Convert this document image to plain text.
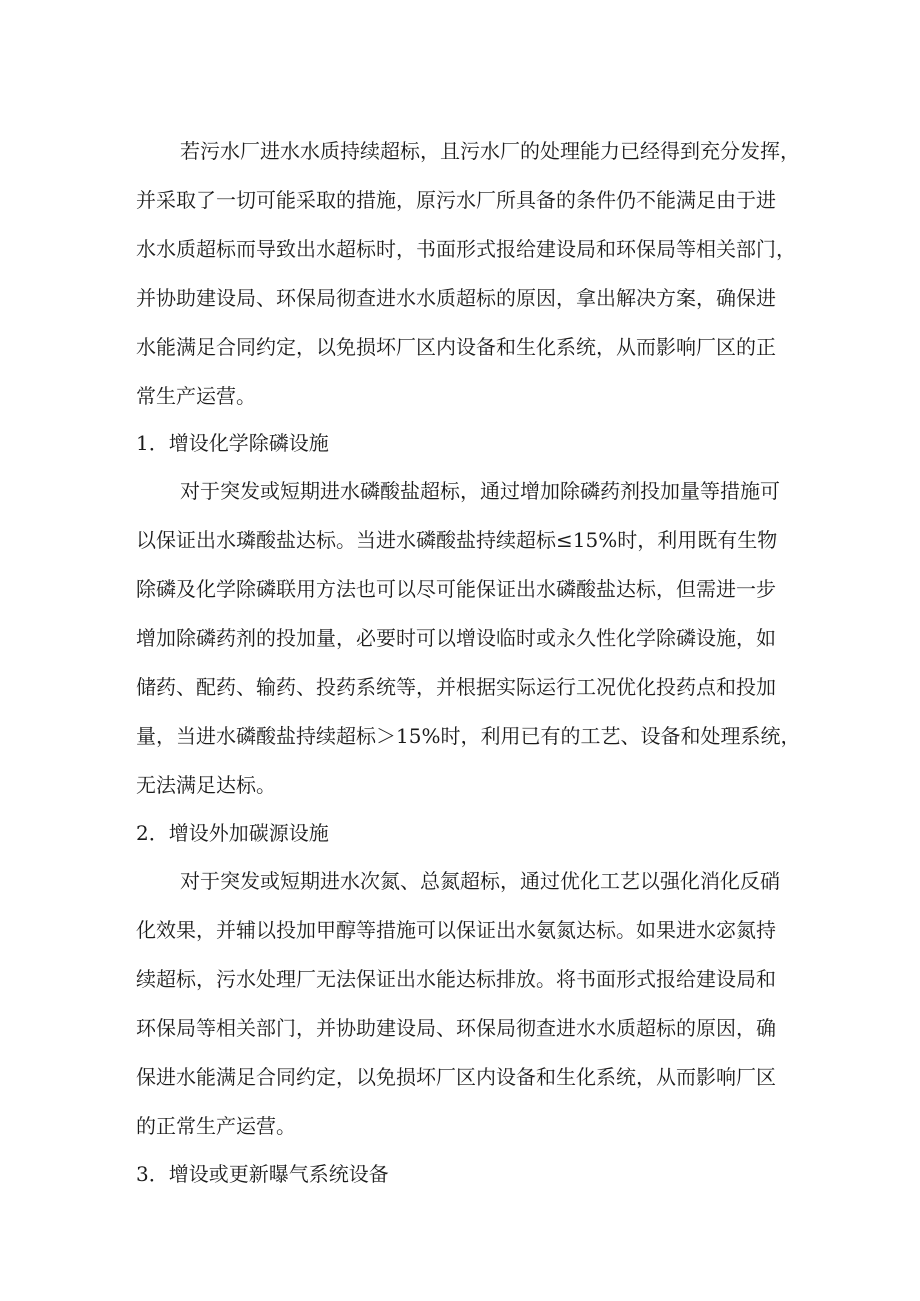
若污水厂进水水质持续超标，且污水厂的处理能力已经得到充分发挥，
并采取了一切可能采取的措施，原污水厂所具备的条件仍不能满足由于进
水水质超标而导致出水超标时，书面形式报给建设局和环保局等相关部门，
并协助建设局、环保局彻查进水水质超标的原因，拿出解决方案，确保进
水能满足合同约定，以免损坏厂区内设备和生化系统，从而影响厂区的正
常生产运营。
1．增设化学除磷设施
对于突发或短期进水磷酸盐超标，通过增加除磷药剂投加量等措施可
以保证出水璘酸盐达标。当进水磷酸盐持续超标≤15%时，利用既有生物
除磷及化学除磷联用方法也可以尽可能保证出水磷酸盐达标，但需进一步
增加除磷药剂的投加量，必要时可以增设临时或永久性化学除磷设施，如
储药、配药、输药、投药系统等，并根据实际运行工况优化投药点和投加
量，当进水磷酸盐持续超标＞15%时，利用已有的工艺、设备和处理系统，
无法满足达标。
2．增设外加碳源设施
对于突发或短期进水次氮、总氮超标，通过优化工艺以强化消化反硝
化效果，并辅以投加甲醇等措施可以保证出水氨氮达标。如果进水宓氮持
续超标，污水处理厂无法保证出水能达标排放。将书面形式报给建设局和
环保局等相关部门，并协助建设局、环保局彻查进水水质超标的原因，确
保进水能满足合同约定，以免损坏厂区内设备和生化系统，从而影响厂区
的正常生产运营。
3．增设或更新曝气系统设备
